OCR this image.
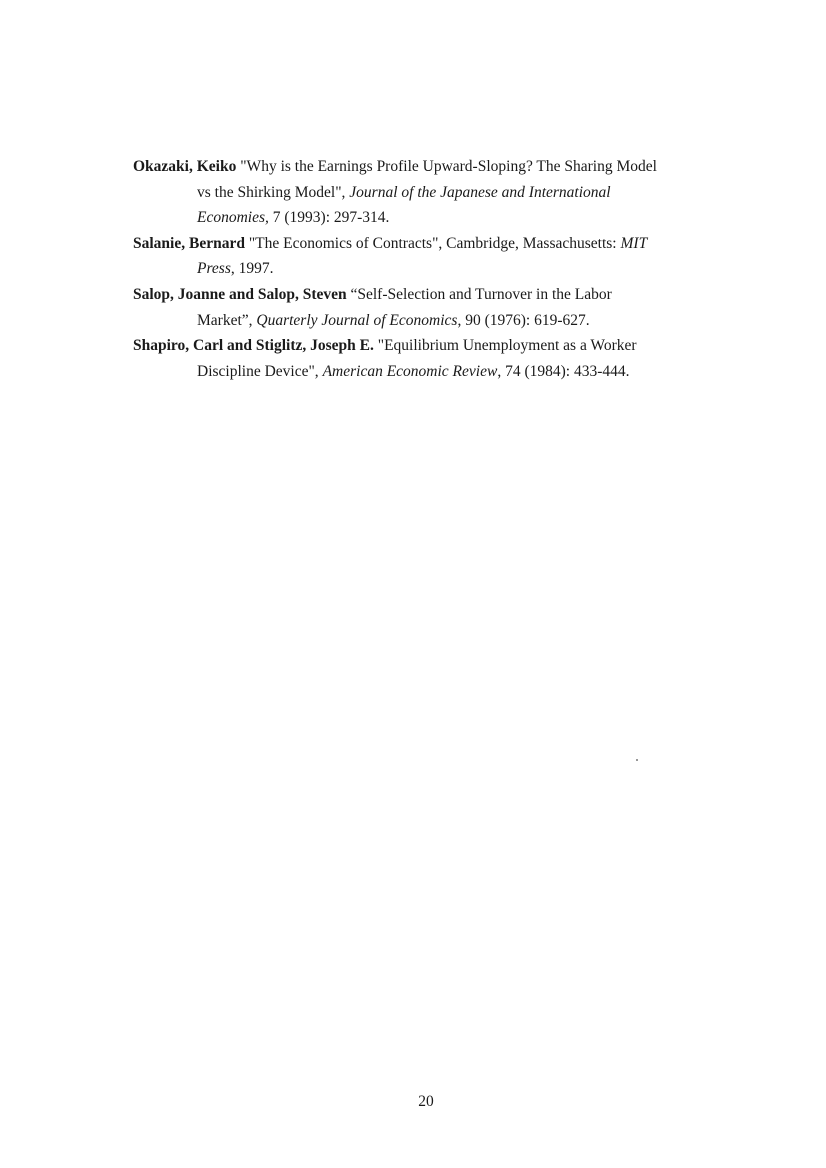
Okazaki, Keiko "Why is the Earnings Profile Upward-Sloping? The Sharing Model vs the Shirking Model", Journal of the Japanese and International Economies, 7 (1993): 297-314.

Salanie, Bernard "The Economics of Contracts", Cambridge, Massachusetts: MIT Press, 1997.

Salop, Joanne and Salop, Steven “Self-Selection and Turnover in the Labor Market”, Quarterly Journal of Economics, 90 (1976): 619-627.

Shapiro, Carl and Stiglitz, Joseph E. "Equilibrium Unemployment as a Worker Discipline Device", American Economic Review, 74 (1984): 433-444.

20
